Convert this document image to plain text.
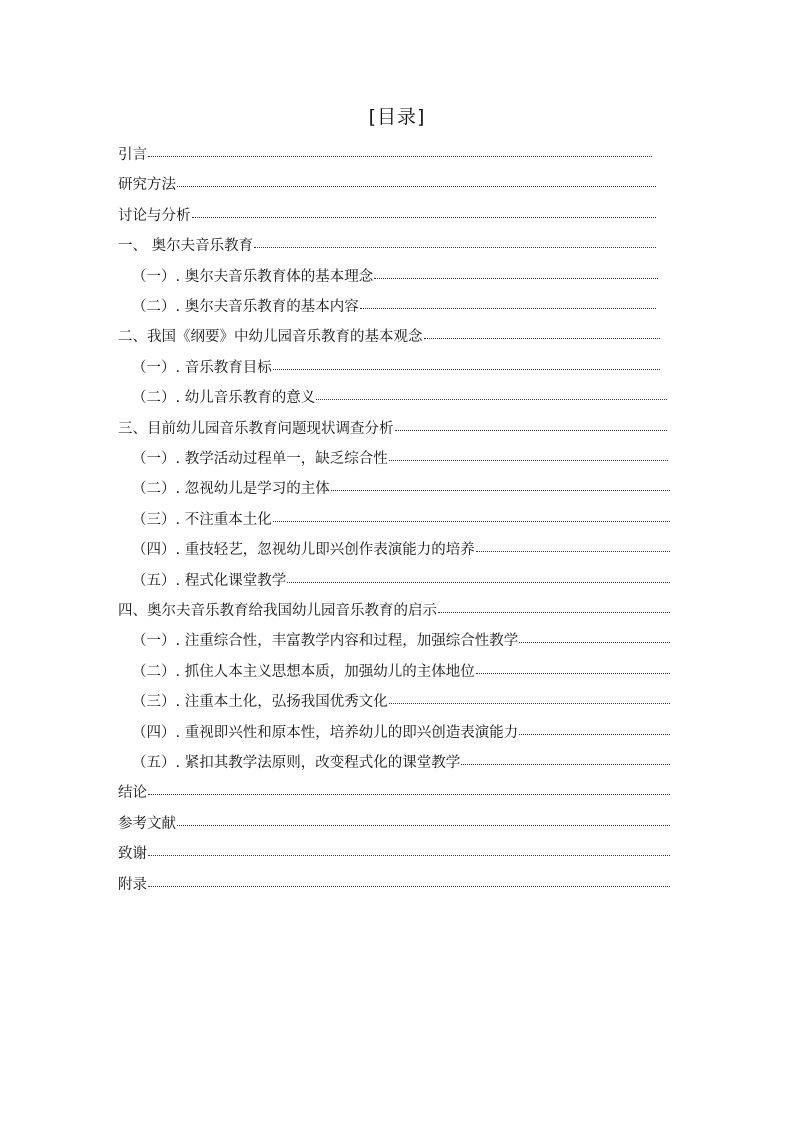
[目录]
引言
研究方法
讨论与分析
一、 奥尔夫音乐教育
（一）. 奥尔夫音乐教育体的基本理念
（二）. 奥尔夫音乐教育的基本内容
二、我国《纲要》中幼儿园音乐教育的基本观念
（一）. 音乐教育目标
（二）. 幼儿音乐教育的意义
三、目前幼儿园音乐教育问题现状调查分析
（一）. 教学活动过程单一，缺乏综合性
（二）. 忽视幼儿是学习的主体
（三）. 不注重本土化
（四）. 重技轻艺，忽视幼儿即兴创作表演能力的培养
（五）. 程式化课堂教学
四、奥尔夫音乐教育给我国幼儿园音乐教育的启示
（一）. 注重综合性，丰富教学内容和过程，加强综合性教学
（二）. 抓住人本主义思想本质，加强幼儿的主体地位
（三）. 注重本土化，弘扬我国优秀文化
（四）. 重视即兴性和原本性，培养幼儿的即兴创造表演能力
（五）. 紧扣其教学法原则，改变程式化的课堂教学
结论
参考文献
致谢
附录
